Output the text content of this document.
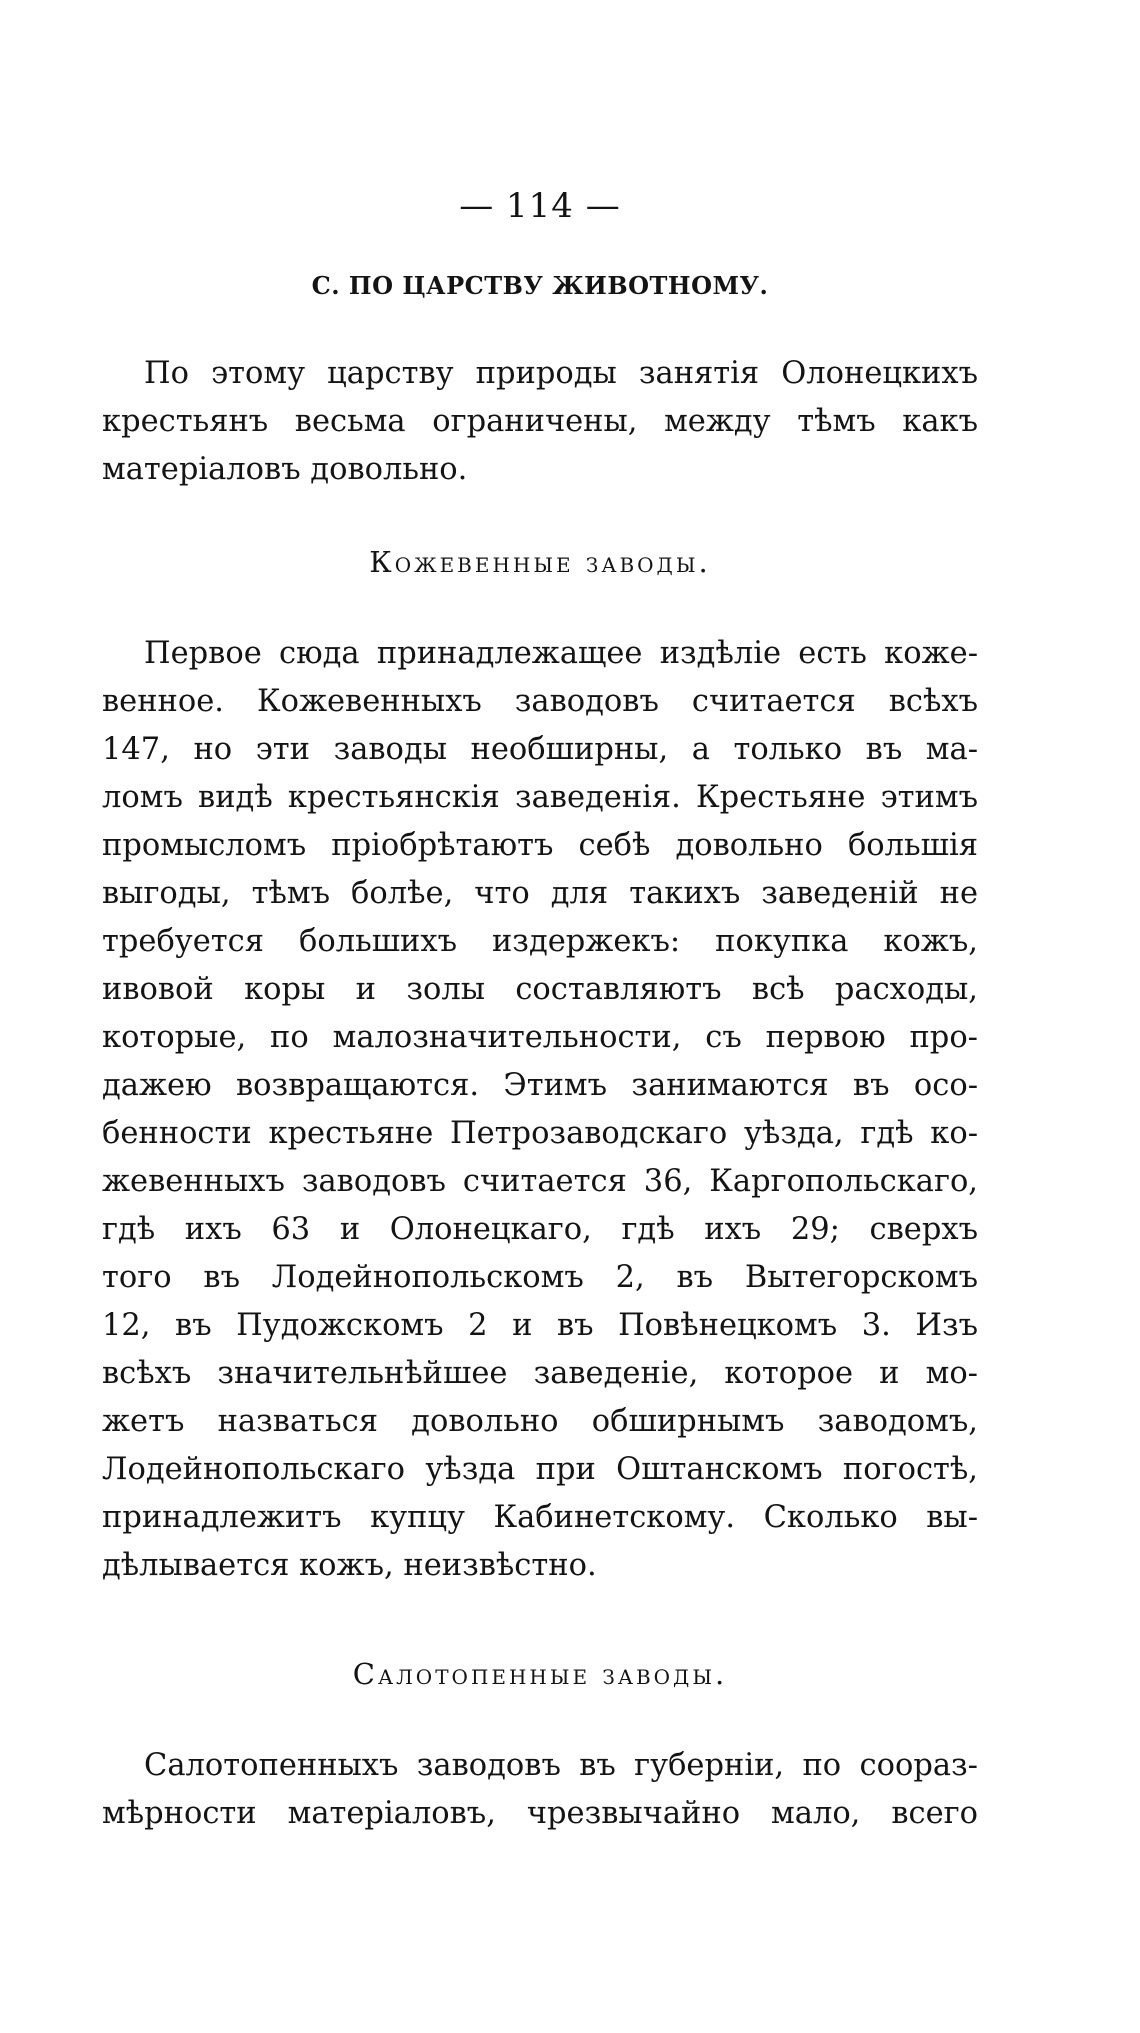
— 114 —
С. ПО ЦАРСТВУ ЖИВОТНОМУ.
По этому царству природы занятія Олонецкихъ
крестьянъ весьма ограничены, между тѣмъ какъ
матеріаловъ довольно.
Кожевенные заводы.
Первое сюда принадлежащее издѣліе есть коже-
венное. Кожевенныхъ заводовъ считается всѣхъ
147, но эти заводы необширны, а только въ ма-
ломъ видѣ крестьянскія заведенія. Крестьяне этимъ
промысломъ пріобрѣтаютъ себѣ довольно большія
выгоды, тѣмъ болѣе, что для такихъ заведеній не
требуется большихъ издержекъ: покупка кожъ,
ивовой коры и золы составляютъ всѣ расходы,
которые, по малозначительности, съ первою про-
дажею возвращаются. Этимъ занимаются въ осо-
бенности крестьяне Петрозаводскаго уѣзда, гдѣ ко-
жевенныхъ заводовъ считается 36, Каргопольскаго,
гдѣ ихъ 63 и Олонецкаго, гдѣ ихъ 29; сверхъ
того въ Лодейнопольскомъ 2, въ Вытегорскомъ
12, въ Пудожскомъ 2 и въ Повѣнецкомъ 3. Изъ
всѣхъ значительнѣйшее заведеніе, которое и мо-
жетъ назваться довольно обширнымъ заводомъ,
Лодейнопольскаго уѣзда при Оштанскомъ погостѣ,
принадлежитъ купцу Кабинетскому. Сколько вы-
дѣлывается кожъ, неизвѣстно.
Салотопенные заводы.
Салотопенныхъ заводовъ въ губерніи, по соораз-
мѣрности матеріаловъ, чрезвычайно мало, всего
